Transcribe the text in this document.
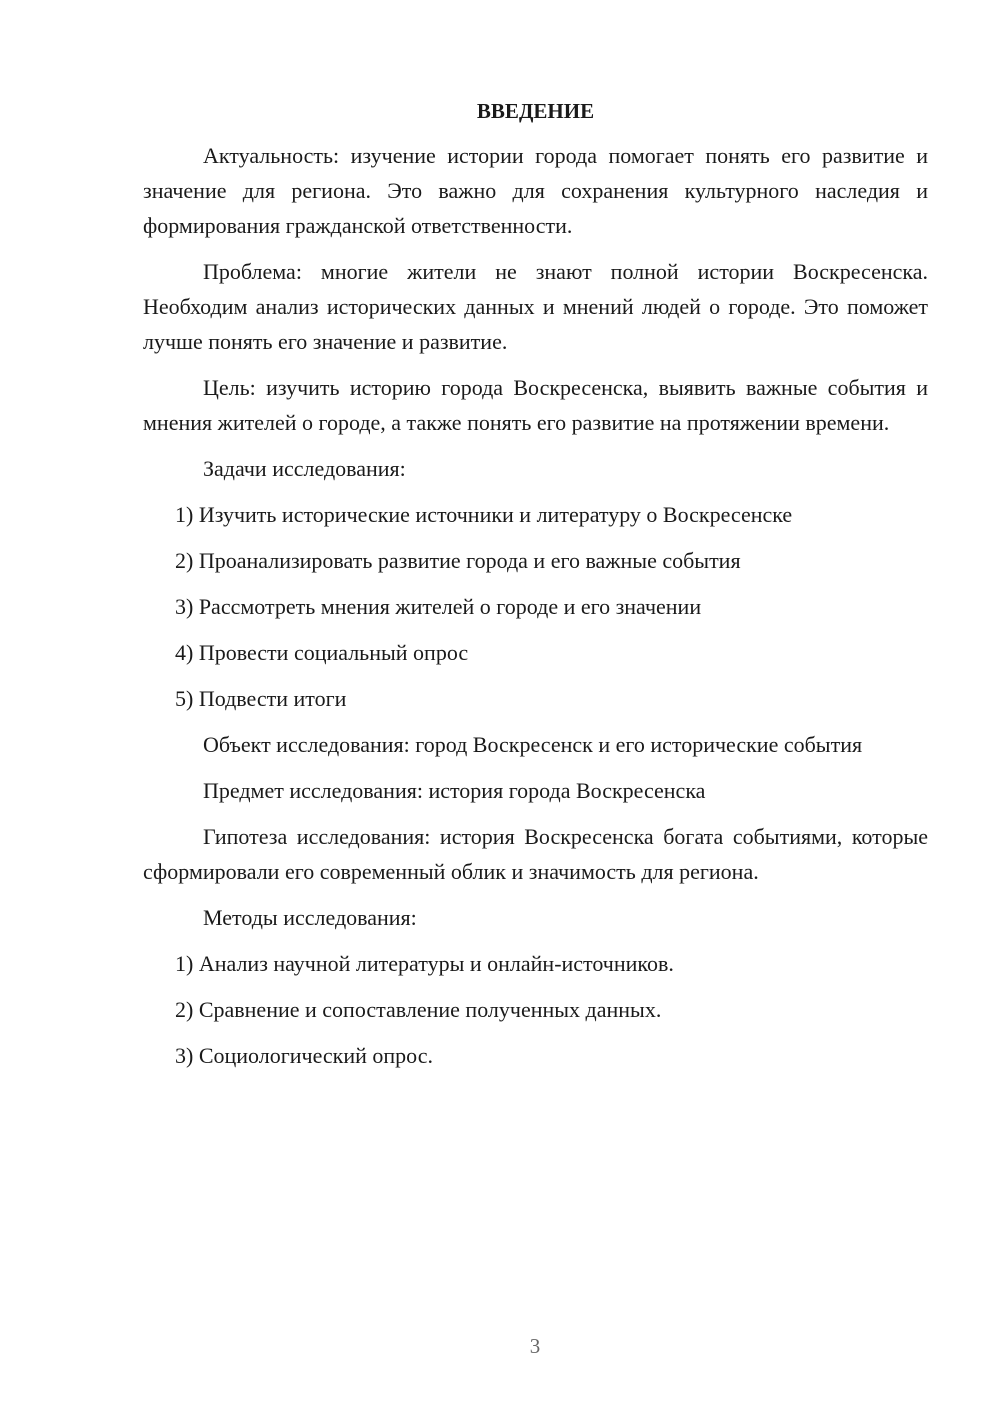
ВВЕДЕНИЕ

Актуальность: изучение истории города помогает понять его развитие и значение для региона. Это важно для сохранения культурного наследия и формирования гражданской ответственности.

Проблема: многие жители не знают полной истории Воскресенска. Необходим анализ исторических данных и мнений людей о городе. Это поможет лучше понять его значение и развитие.

Цель: изучить историю города Воскресенска, выявить важные события и мнения жителей о городе, а также понять его развитие на протяжении времени.

Задачи исследования:

1) Изучить исторические источники и литературу о Воскресенске
2) Проанализировать развитие города и его важные события
3) Рассмотреть мнения жителей о городе и его значении
4) Провести социальный опрос
5) Подвести итоги

Объект исследования: город Воскресенск и его исторические события

Предмет исследования: история города Воскресенска

Гипотеза исследования: история Воскресенска богата событиями, которые сформировали его современный облик и значимость для региона.

Методы исследования:

1) Анализ научной литературы и онлайн-источников.
2) Сравнение и сопоставление полученных данных.
3) Социологический опрос.
3
